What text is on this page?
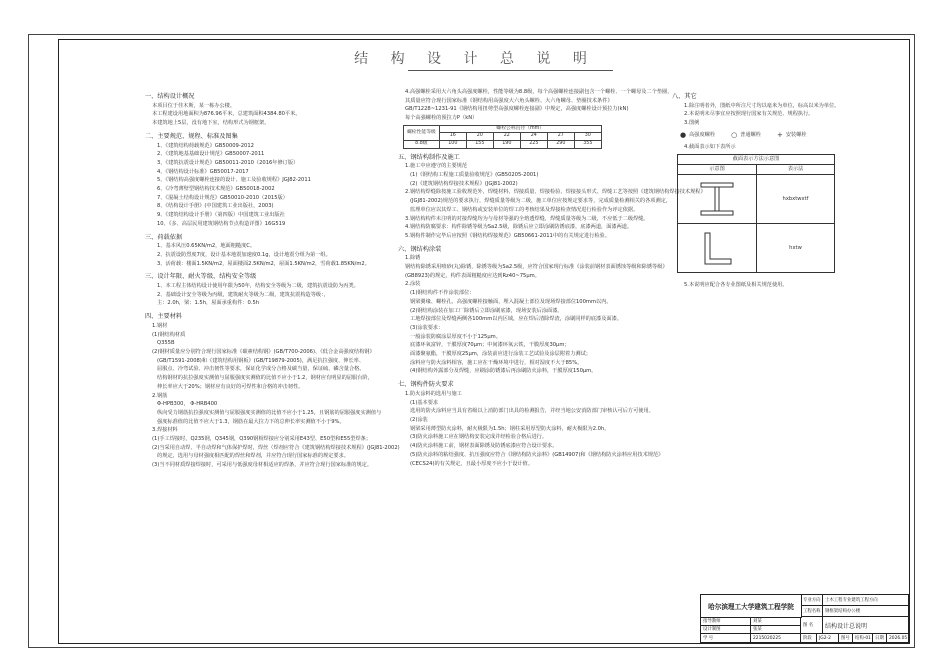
结 构 设 计 总 说 明
一、结构设计概况
本项目位于佳木斯，某一栋办公楼。
本工程建设用地面积为876.96平米，总建筑面积4384.80平米。
本建筑地上5层，没有地下室，结构形式为钢框架。
二、主要规范、规程、标准及图集
1、《建筑结构荷载规范》GB50009-2012
2、《建筑地基基础设计规范》GB50007-2011
3、《建筑抗震设计规范》GB50011-2010（2016年修订版）
4、《钢结构设计标准》GB50017-2017
5、《钢结构高强度螺栓连接的设计、施工及验收规程》JGJ82-2011
6、《冷弯薄壁型钢结构技术规范》GB50018-2002
7、《混凝土结构设计规范》GB50010-2010（2015版）
8、《结构设计手册》(中国建筑工业出版社，2003)
9、《建筑结构设计手册》（第四版）中国建筑工业出版社
10、《多、高层民用建筑钢结构节点构造详图》16G519
三、荷载依据
1、基本风压0.65KN/m2，地面粗糙度C。
2、抗震设防烈度7度，设计基本地震加速度0.1g，设计地震分组为第一组。
3、活荷载：楼面1.5KN/m2，屋面楼面2.5KN/m2，屋面1.5KN/m2，雪荷载1.85KN/m2。
三、设计年限、耐火等级、结构安全等级
1、本工程主体结构设计使用年限为50年，结构安全等级为二级，建筑抗震设防为丙类。
2、基础设计安全等级为丙级，建筑耐火等级为二级，建筑抗震构造等级：，
主：2.0h，梁：1.5h，屋面承重构件：0.5h
四、主要材料
1.钢材
(1)钢结构材质
Q355B
(2)钢材质量应分别符合现行国家标准《碳素结构钢》(GB/T700-2006)、《低合金高强度结构钢》
(GB/T1591-2008)和《建筑结构用钢板》(GB/T19879-2005)，满足抗拉强度、伸长率、
屈服点、冷弯试验、冲击韧性等要求，保证化学成分合格及碳当量，保证硫、磷含量合格。
结构钢材的抗拉强度实测值与屈服强度实测值的比值不应小于1.2，钢材应有明显的屈服台阶，
伸长率应大于20%；钢材应有良好的可焊性和合格的冲击韧性。
2.钢筋
Φ-HPB300， Φ-HRB400
纵向受力钢筋抗拉强度实测值与屈服强度实测值的比值不应小于1.25，且钢筋的屈服强度实测值与
强度标准值的比值不应大于1.3，钢筋在最大拉力下的总伸长率实测值不小于9%。
3.焊接材料
(1)手工焊接时，Q235钢，Q345钢，Q390钢相焊接应分别采用E43型、E50型和E55型焊条；
(2)当采用自动焊、半自动焊和气体保护焊时，焊丝（焊剂应符合《建筑钢结构焊接技术规程》(JGJ81-2002)
的规定，选用与母材强度相匹配的焊丝和焊剂，并应符合现行国家标准的规定要求。
(3)当不同材质焊接焊接时，可采用与低强度母材相适应的焊条，并应符合现行国家标准的规定。
4.高强螺栓采用大六角头高强度螺栓，性能等级为8.8级，每个高强螺栓连接副包含一个螺栓、一个螺母及二个垫圈，
其质量应符合现行国家标准《钢结构用高强度大六角头螺栓、大六角螺母、垫圈技术条件》
GB/T1228~1231-91《钢结构用扭剪型高强度螺栓连接副》中规定，高强度螺栓设计预拉力(kN)
每个高强螺栓的预拉力P（kN）
螺栓性能等级	螺栓公称直径（mm）					
	16	20	22	24	27	30
8.8级	100	155	190	225	290	355
五、钢结构制作及施工
1.施工中应遵守的主要规范
(1)《钢结构工程施工质量验收规范》(GB50205-2001)
(2)《建筑钢结构焊接技术规程》(JGJ81-2002)
2.钢结构焊缝除按施工验收规范外，焊缝材料、焊接质量、焊接检验、焊接接头形式、焊缝工艺等按照《建筑钢结构焊接技术规程》
(JGJ81-2002)规范的要求执行，焊缝质量等级为二级，施工单位应按规定要求等，完成质量检测相关的各项测定，
监理单位应以其焊工、钢结构或安装单位的焊工的考核结果及焊接检查情况进行检验作为评定依据。
3.钢结构构件未注明的对接焊缝均为与母材等强的全熔透焊缝，焊缝质量等级为二级，不应低于二级焊缝。
4.钢结构防腐要求：构件除锈等级为Sa2.5级，除锈后应立即涂刷防锈底漆，底漆两道，面漆两道。
5.钢构件制作完毕后应按照《钢结构焊接规范》GB50661-2011中的有关规定进行检验。
六、钢结构涂装
1.除锈
钢结构除锈采用喷砂(丸)除锈，除锈等级为Sa2.5级，应符合国家现行标准《涂装前钢材表面锈蚀等级和除锈等级》
(GB8923)的规定，构件表面粗糙度应达到Rz40~75μm。
2.涂装
(1)钢结构件不作涂装部位：
钢梁翼缘、螺栓孔、高强度螺栓接触面，埋入混凝土部位及现场焊接部位100mm以内。
(2)钢结构涂装在加工厂除锈后立即涂刷底漆，现场安装后涂面漆。
工地焊接部位及焊缝两侧各100mm以内区域，应在焊后清除焊渣，涂刷同样的底漆及面漆。
(3)涂装要求：
一般涂装防腐涂层厚度不小于125μm。
底漆环氧富锌，干膜厚度70μm；中间漆环氧云铁，干膜厚度30μm；
面漆聚氨酯，干膜厚度25μm，涂装前应进行涂装工艺试验及涂层附着力测试；
涂料应与防火涂料相容，施工应在干燥环境中进行，相对湿度不大于85%。
(4)钢结构外露部分及焊缝，应刷涂防锈漆后再涂刷防火涂料，干膜厚度150μm。
七、钢构件防火要求
1.防火涂料的选用与施工
(1)基本要求
选用的防火涂料应当具有省级以上消防部门出具的检测报告，并经当地公安消防部门审核认可后方可使用。
(2)涂装
钢梁采用薄型防火涂料，耐火极限为1.5h；钢柱采用厚型防火涂料，耐火极限为2.0h。
(3)防火涂料施工应在钢结构安装完成并经检验合格后进行。
(4)防火涂料施工前，钢材表面除锈及防锈底漆应符合设计要求。
(5)防火涂料的粘结强度、抗压强度应符合《钢结构防火涂料》(GB14907)和《钢结构防火涂料应用技术规范》
(CECS24)的有关规定，且最小厚度不应小于设计值。
八、其它
1.除注明者外，图纸中所注尺寸均以毫米为单位，标高以米为单位。
2.本说明未尽事宜应按照现行国家有关规范、规程执行。
3.图例
● 高强度螺栓 ○ 普通螺栓 + 安装螺栓
4.截面表示如下表所示
截面表示方法示意图
示意图	表示法
hxbxtwxtf
hxtw
5.本说明应配合各专业图纸及相关规范使用。
哈尔滨理工大学建筑工程学院
专业方向	土木工程专业建筑工程方向
工程名称	钢框架结构办公楼
指导教师	刘某
设计制图	张某
学 号	2215020225
图 名	结构设计总说明
阶段	JG2-2	图号	结构-01 日期	2026.05
